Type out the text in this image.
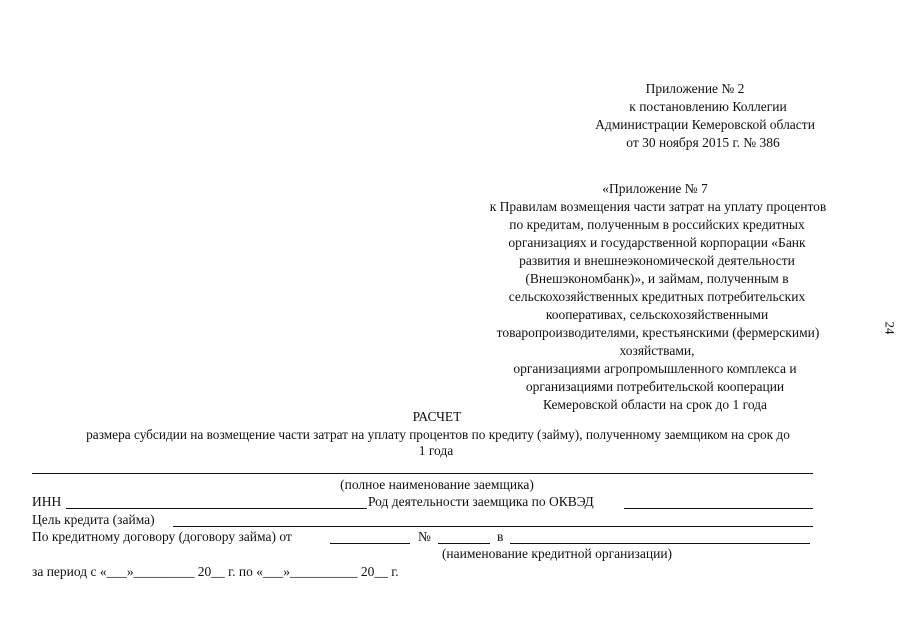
Приложение № 2
к постановлению Коллегии
Администрации Кемеровской области
от 30 ноября 2015 г. № 386
24
«Приложение № 7
к Правилам возмещения части затрат на уплату процентов
по кредитам, полученным в российских кредитных
организациях и государственной корпорации «Банк
развития и внешнеэкономической деятельности
(Внешэкономбанк)», и займам, полученным в
сельскохозяйственных кредитных потребительских
кооперативах, сельскохозяйственными
товаропроизводителями, крестьянскими (фермерскими)
хозяйствами,
организациями агропромышленного комплекса и
организациями потребительской кооперации
Кемеровской области на срок до 1 года
РАСЧЕТ
размера субсидии на возмещение части затрат на уплату процентов по кредиту (займу), полученному заемщиком на срок до
1 года
(полное наименование заемщика)
ИНН	Род деятельности заемщика по ОКВЭД
Цель кредита (займа)
По кредитному договору (договору займа) от	№	в
(наименование кредитной организации)
за период с «___»_________ 20__ г. по «___»__________ 20__ г.
